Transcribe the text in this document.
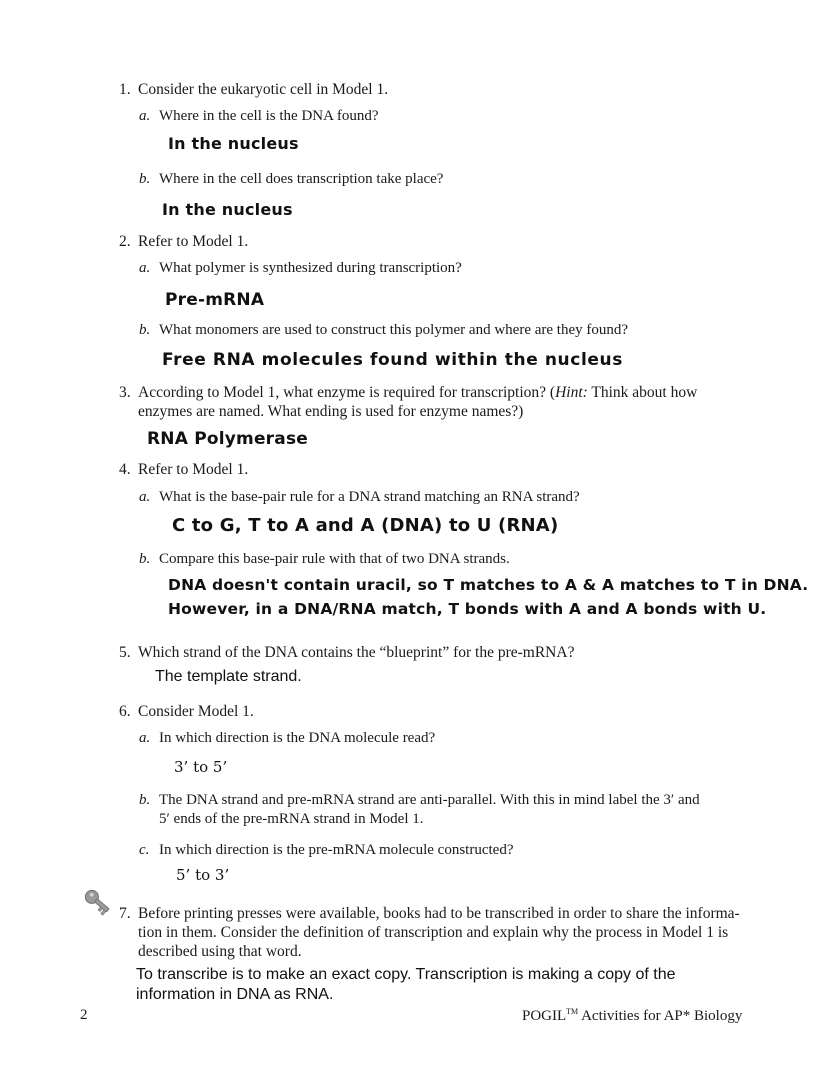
1. Consider the eukaryotic cell in Model 1.
a. Where in the cell is the DNA found?
In the nucleus
b. Where in the cell does transcription take place?
In the nucleus
2. Refer to Model 1.
a. What polymer is synthesized during transcription?
Pre-mRNA
b. What monomers are used to construct this polymer and where are they found?
Free RNA molecules found within the nucleus
3. According to Model 1, what enzyme is required for transcription? (Hint: Think about how
enzymes are named. What ending is used for enzyme names?)
RNA Polymerase
4. Refer to Model 1.
a. What is the base-pair rule for a DNA strand matching an RNA strand?
C to G, T to A and A (DNA) to U (RNA)
b. Compare this base-pair rule with that of two DNA strands.
DNA doesn't contain uracil, so T matches to A & A matches to T in DNA.
However, in a DNA/RNA match, T bonds with A and A bonds with U.
5. Which strand of the DNA contains the “blueprint” for the pre-mRNA?
The template strand.
6. Consider Model 1.
a. In which direction is the DNA molecule read?
3’ to 5’
b. The DNA strand and pre-mRNA strand are anti-parallel. With this in mind label the 3′ and
5′ ends of the pre-mRNA strand in Model 1.
c. In which direction is the pre-mRNA molecule constructed?
5’ to 3’
7. Before printing presses were available, books had to be transcribed in order to share the informa-
tion in them. Consider the definition of transcription and explain why the process in Model 1 is
described using that word.
To transcribe is to make an exact copy. Transcription is making a copy of the
information in DNA as RNA.
2	POGIL™ Activities for AP* Biology
